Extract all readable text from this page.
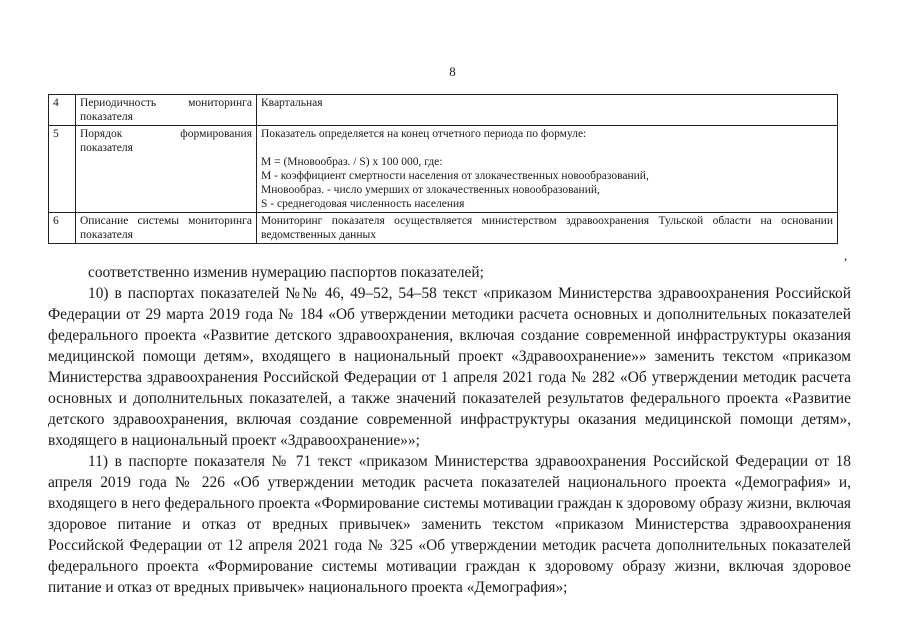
8
4	Периодичность мониторинга показателя	Квартальная

5	Порядок формирования показателя	Показатель определяется на конец отчетного периода по формуле:
М = (Мновообраз. / S) х 100 000, где:
М - коэффициент смертности населения от злокачественных новообразований,
Мновообраз. - число умерших от злокачественных новообразований,
S - среднегодовая численность населения

6	Описание системы мониторинга показателя	Мониторинг показателя осуществляется министерством здравоохранения Тульской области на основании ведомственных данных
,

соответственно изменив нумерацию паспортов показателей;

10) в паспортах показателей №№ 46, 49–52, 54–58 текст «приказом Министерства здравоохранения Российской Федерации от 29 марта 2019 года № 184 «Об утверждении методики расчета основных и дополнительных показателей федерального проекта «Развитие детского здравоохранения, включая создание современной инфраструктуры оказания медицинской помощи детям», входящего в национальный проект «Здравоохранение»» заменить текстом «приказом Министерства здравоохранения Российской Федерации от 1 апреля 2021 года № 282 «Об утверждении методик расчета основных и дополнительных показателей, а также значений показателей результатов федерального проекта «Развитие детского здравоохранения, включая создание современной инфраструктуры оказания медицинской помощи детям», входящего в национальный проект «Здравоохранение»»;

11) в паспорте показателя № 71 текст «приказом Министерства здравоохранения Российской Федерации от 18 апреля 2019 года № 226 «Об утверждении методик расчета показателей национального проекта «Демография» и, входящего в него федерального проекта «Формирование системы мотивации граждан к здоровому образу жизни, включая здоровое питание и отказ от вредных привычек» заменить текстом «приказом Министерства здравоохранения Российской Федерации от 12 апреля 2021 года № 325 «Об утверждении методик расчета дополнительных показателей федерального проекта «Формирование системы мотивации граждан к здоровому образу жизни, включая здоровое питание и отказ от вредных привычек» национального проекта «Демография»;
